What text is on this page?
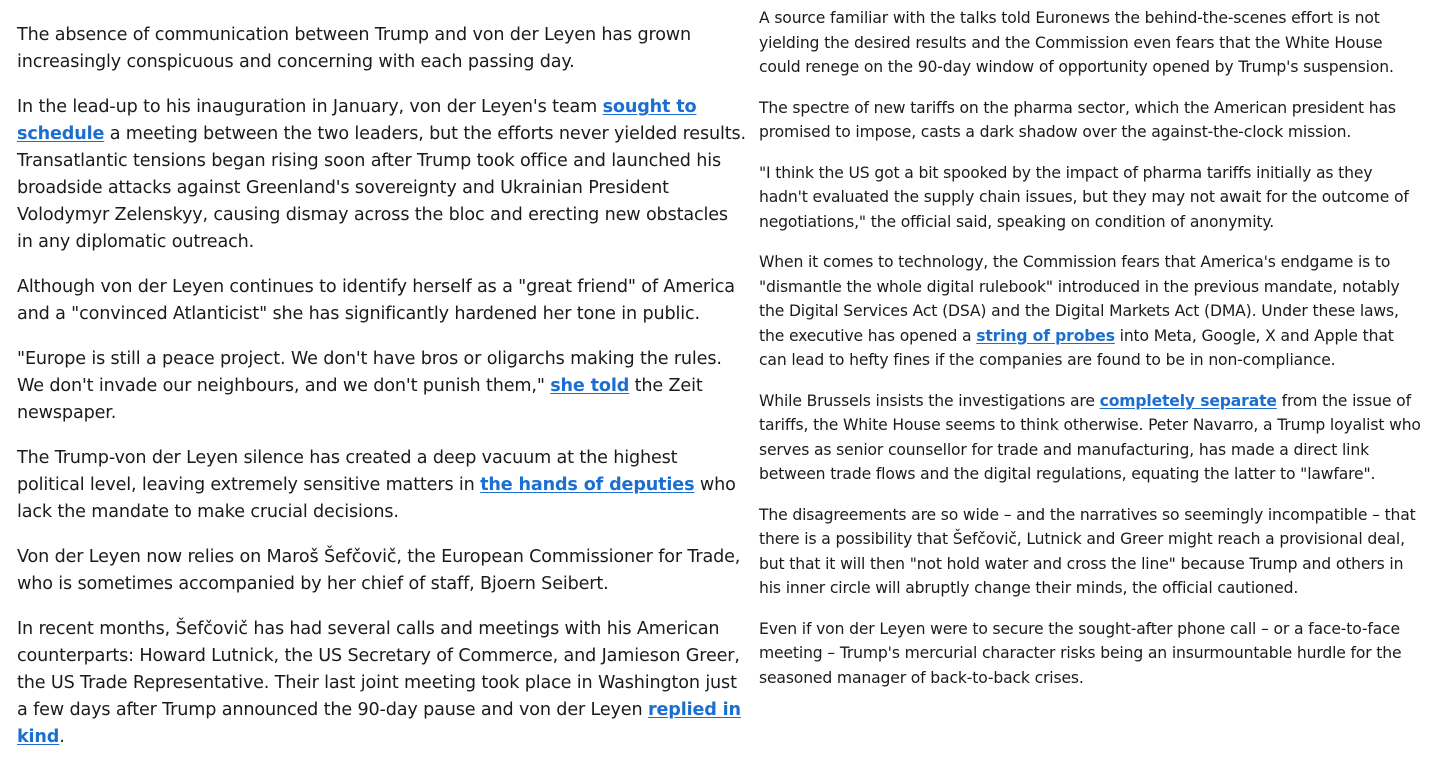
The absence of communication between Trump and von der Leyen has grown increasingly conspicuous and concerning with each passing day.

In the lead-up to his inauguration in January, von der Leyen's team sought to schedule a meeting between the two leaders, but the efforts never yielded results. Transatlantic tensions began rising soon after Trump took office and launched his broadside attacks against Greenland's sovereignty and Ukrainian President Volodymyr Zelenskyy, causing dismay across the bloc and erecting new obstacles in any diplomatic outreach.

Although von der Leyen continues to identify herself as a "great friend" of America and a "convinced Atlanticist" she has significantly hardened her tone in public.

"Europe is still a peace project. We don't have bros or oligarchs making the rules. We don't invade our neighbours, and we don't punish them," she told the Zeit newspaper.

The Trump-von der Leyen silence has created a deep vacuum at the highest political level, leaving extremely sensitive matters in the hands of deputies who lack the mandate to make crucial decisions.

Von der Leyen now relies on Maroš Šefčovič, the European Commissioner for Trade, who is sometimes accompanied by her chief of staff, Bjoern Seibert.

In recent months, Šefčovič has had several calls and meetings with his American counterparts: Howard Lutnick, the US Secretary of Commerce, and Jamieson Greer, the US Trade Representative. Their last joint meeting took place in Washington just a few days after Trump announced the 90-day pause and von der Leyen replied in kind.

A source familiar with the talks told Euronews the behind-the-scenes effort is not yielding the desired results and the Commission even fears that the White House could renege on the 90-day window of opportunity opened by Trump's suspension.

The spectre of new tariffs on the pharma sector, which the American president has promised to impose, casts a dark shadow over the against-the-clock mission.

"I think the US got a bit spooked by the impact of pharma tariffs initially as they hadn't evaluated the supply chain issues, but they may not await for the outcome of negotiations," the official said, speaking on condition of anonymity.

When it comes to technology, the Commission fears that America's endgame is to "dismantle the whole digital rulebook" introduced in the previous mandate, notably the Digital Services Act (DSA) and the Digital Markets Act (DMA). Under these laws, the executive has opened a string of probes into Meta, Google, X and Apple that can lead to hefty fines if the companies are found to be in non-compliance.

While Brussels insists the investigations are completely separate from the issue of tariffs, the White House seems to think otherwise. Peter Navarro, a Trump loyalist who serves as senior counsellor for trade and manufacturing, has made a direct link between trade flows and the digital regulations, equating the latter to "lawfare".

The disagreements are so wide – and the narratives so seemingly incompatible – that there is a possibility that Šefčovič, Lutnick and Greer might reach a provisional deal, but that it will then "not hold water and cross the line" because Trump and others in his inner circle will abruptly change their minds, the official cautioned.

Even if von der Leyen were to secure the sought-after phone call – or a face-to-face meeting – Trump's mercurial character risks being an insurmountable hurdle for the seasoned manager of back-to-back crises.
